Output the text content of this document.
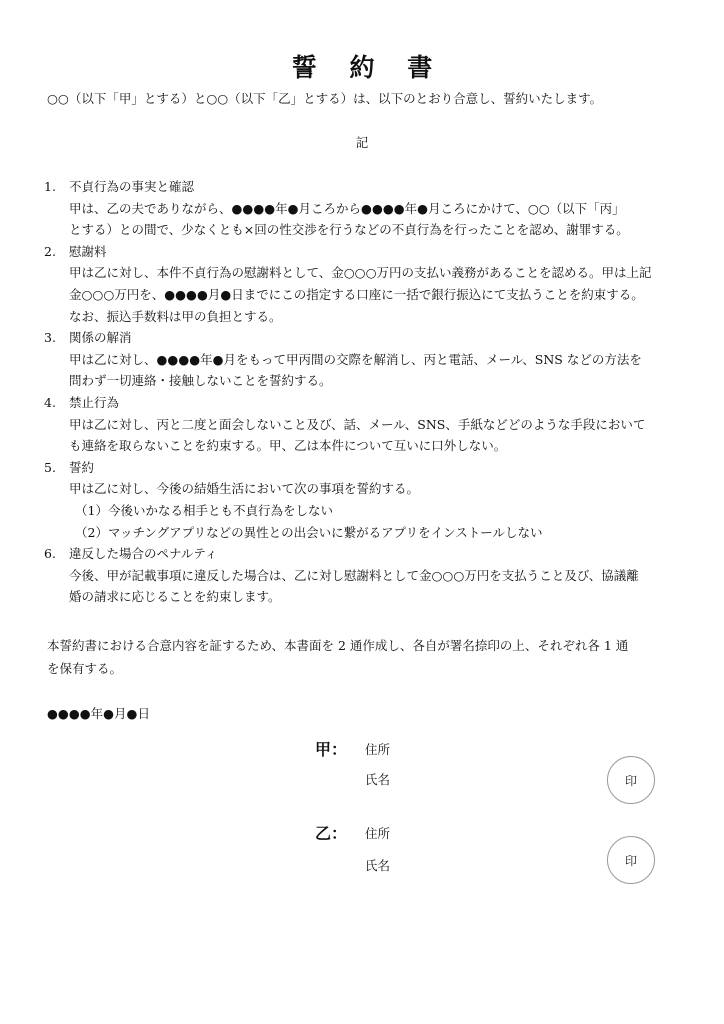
誓 約 書
○○（以下「甲」とする）と○○（以下「乙」とする）は、以下のとおり合意し、誓約いたします。
記
1. 不貞行為の事実と確認
甲は、乙の夫でありながら、●●●●年●月ころから●●●●年●月ころにかけて、○○（以下「丙」
とする）との間で、少なくとも×回の性交渉を行うなどの不貞行為を行ったことを認め、謝罪する。
2. 慰謝料
甲は乙に対し、本件不貞行為の慰謝料として、金○○○万円の支払い義務があることを認める。甲は上記
金○○○万円を、●●●●月●日までにこの指定する口座に一括で銀行振込にて支払うことを約束する。
なお、振込手数料は甲の負担とする。
3. 関係の解消
甲は乙に対し、●●●●年●月をもって甲丙間の交際を解消し、丙と電話、メール、SNS などの方法を
問わず一切連絡・接触しないことを誓約する。
4. 禁止行為
甲は乙に対し、丙と二度と面会しないこと及び、話、メール、SNS、手紙などどのような手段において
も連絡を取らないことを約束する。甲、乙は本件について互いに口外しない。
5. 誓約
甲は乙に対し、今後の結婚生活において次の事項を誓約する。
（1）今後いかなる相手とも不貞行為をしない
（2）マッチングアプリなどの異性との出会いに繋がるアプリをインストールしない
6. 違反した場合のペナルティ
今後、甲が記載事項に違反した場合は、乙に対し慰謝料として金○○○万円を支払うこと及び、協議離
婚の請求に応じることを約束します。
本誓約書における合意内容を証するため、本書面を 2 通作成し、各自が署名捺印の上、それぞれ各 1 通
を保有する。
●●●●年●月●日
甲： 住所
氏名	印
乙： 住所
氏名	印
